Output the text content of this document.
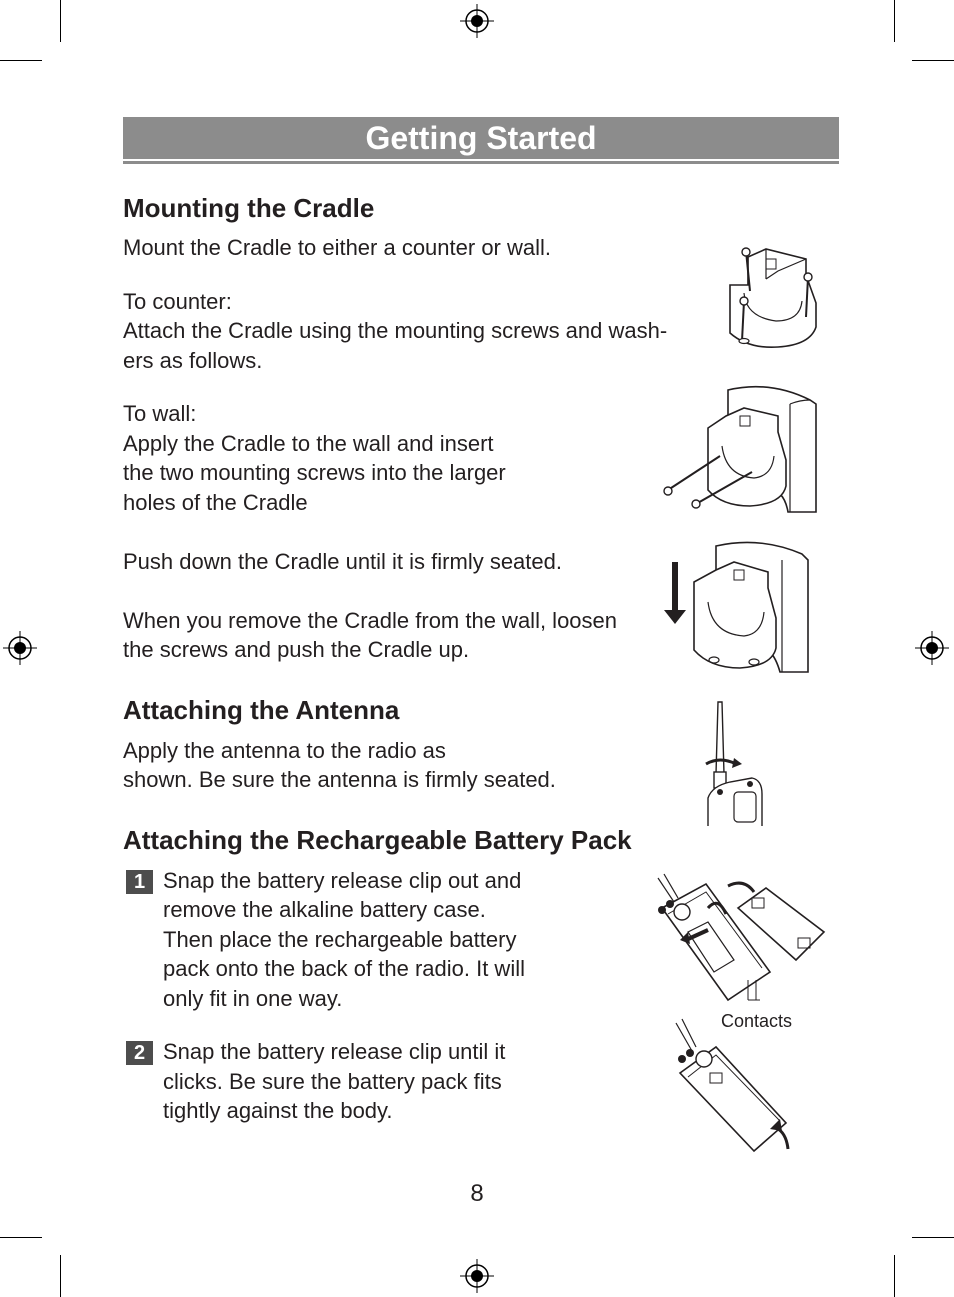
Getting Started
Mounting the Cradle
Mount the Cradle to either a counter or wall.
To counter:
Attach the Cradle using the mounting screws and wash-
ers as follows.
To wall:
Apply the Cradle to the wall and insert
the two mounting screws into the larger
holes of the Cradle
Push down the Cradle until it is firmly seated.
When you remove the Cradle from the wall, loosen
the screws and push the Cradle up.
Attaching the Antenna
Apply the antenna to the radio as
shown. Be sure the antenna is firmly seated.
Attaching the Rechargeable Battery Pack
1 Snap the battery release clip out and
remove the alkaline battery case.
Then place the rechargeable battery
pack onto the back of the radio. It will
only fit in one way.
2 Snap the battery release clip until it
clicks. Be sure the battery pack fits
tightly against the body.
Contacts
8
